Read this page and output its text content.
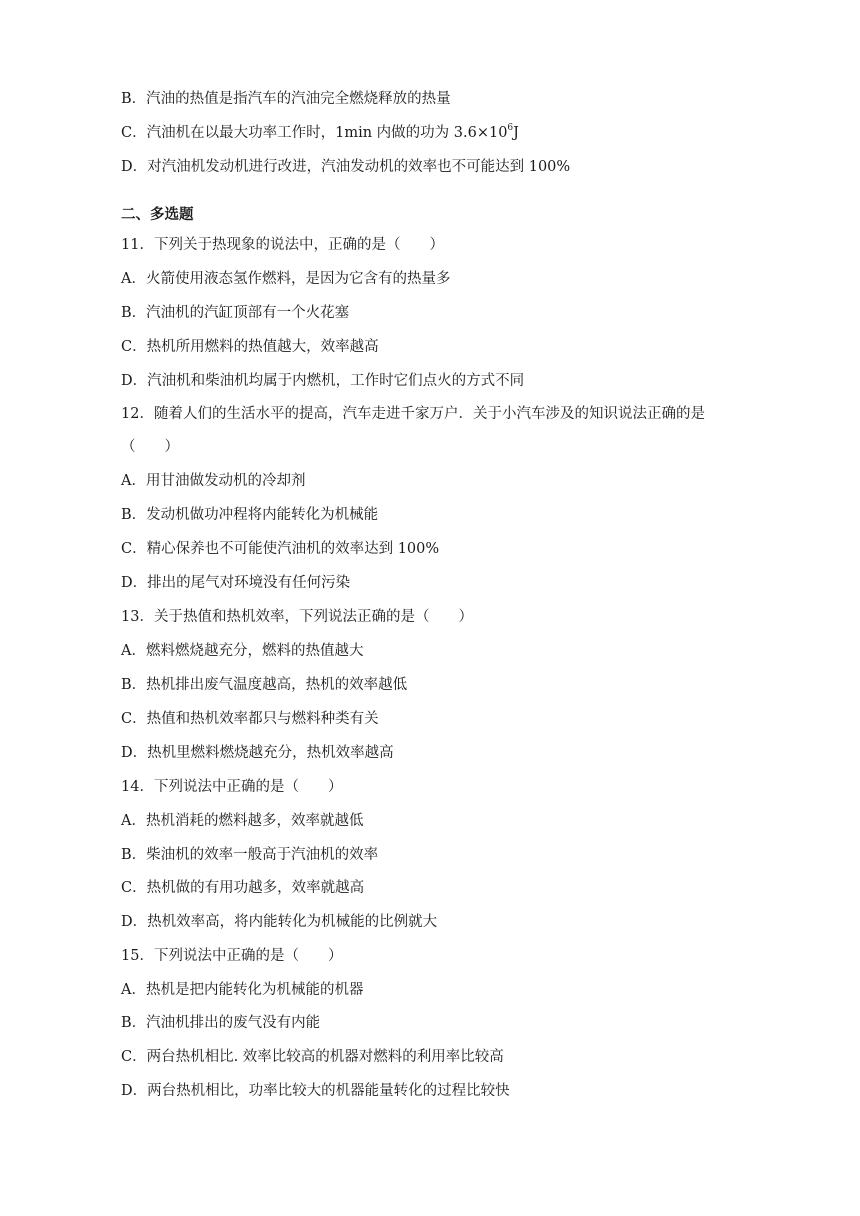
B．汽油的热值是指汽车的汽油完全燃烧释放的热量
C．汽油机在以最大功率工作时，1min 内做的功为 $3.6\times 10^6J$
D．对汽油机发动机进行改进，汽油发动机的效率也不可能达到 100%
二、多选题
11．下列关于热现象的说法中，正确的是（　　）
A．火箭使用液态氢作燃料，是因为它含有的热量多
B．汽油机的汽缸顶部有一个火花塞
C．热机所用燃料的热值越大，效率越高
D．汽油机和柴油机均属于内燃机，工作时它们点火的方式不同
12．随着人们的生活水平的提高，汽车走进千家万户．关于小汽车涉及的知识说法正确的是
（　　）
A．用甘油做发动机的冷却剂
B．发动机做功冲程将内能转化为机械能
C．精心保养也不可能使汽油机的效率达到 100%
D．排出的尾气对环境没有任何污染
13．关于热值和热机效率，下列说法正确的是（　　）
A．燃料燃烧越充分，燃料的热值越大
B．热机排出废气温度越高，热机的效率越低
C．热值和热机效率都只与燃料种类有关
D．热机里燃料燃烧越充分，热机效率越高
14．下列说法中正确的是（　　）
A．热机消耗的燃料越多，效率就越低
B．柴油机的效率一般高于汽油机的效率
C．热机做的有用功越多，效率就越高
D．热机效率高，将内能转化为机械能的比例就大
15．下列说法中正确的是（　　）
A．热机是把内能转化为机械能的机器
B．汽油机排出的废气没有内能
C．两台热机相比. 效率比较高的机器对燃料的利用率比较高
D．两台热机相比，功率比较大的机器能量转化的过程比较快
